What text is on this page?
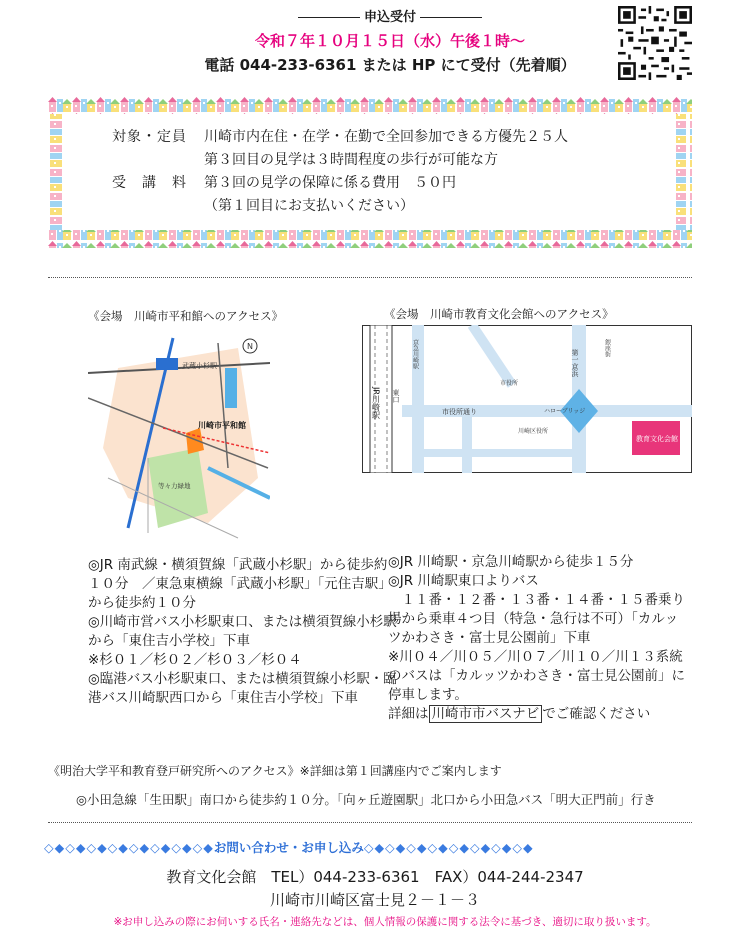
申込受付
令和７年１０月１５日（水）午後１時～
電話 044-233-6361 または HP にて受付（先着順）
対象・定員	川崎市内在住・在学・在勤で全回参加できる方優先２５人
第３回目の見学は３時間程度の歩行が可能な方
受　講　料	第３回の見学の保障に係る費用　５０円
（第１回目にお支払いください）
《会場　川崎市平和館へのアクセス》
武蔵小杉駅
川崎市平和館
等々力緑地
N
◎JR 南武線・横須賀線「武蔵小杉駅」から徒歩約１０分　／東急東横線「武蔵小杉駅」「元住吉駅」から徒歩約１０分
◎川崎市営バス小杉駅東口、または横須賀線小杉駅から「東住吉小学校」下車
※杉０１／杉０２／杉０３／杉０４
◎臨港バス小杉駅東口、または横須賀線小杉駅・臨港バス川崎駅西口から「東住吉小学校」下車
《会場　川崎市教育文化会館へのアクセス》
JR川崎駅
京急川崎駅
東口
市役所通り
第一京浜
ハローブリッジ
教育文化会館
市役所
川崎区役所
銀座街
◎JR 川崎駅・京急川崎駅から徒歩１５分
◎JR 川崎駅東口よりバス
　１１番・１２番・１３番・１４番・１５番乗り場から乗車４つ目（特急・急行は不可）「カルッツかわさき・富士見公園前」下車
※川０４／川０５／川０７／川１０／川１３系統のバスは「カルッツかわさき・富士見公園前」に停車します。
詳細は 川崎市市バスナビ でご確認ください
《明治大学平和教育登戸研究所へのアクセス》※詳細は第１回講座内でご案内します
◎小田急線「生田駅」南口から徒歩約１０分。「向ヶ丘遊園駅」北口から小田急バス「明大正門前」行き
◇◆◇◆◇◆◇◆◇◆◇◆◇◆◇◆お問い合わせ・お申し込み◇◆◇◆◇◆◇◆◇◆◇◆◇◆◇◆
教育文化会館　TEL）044-233-6361　FAX）044-244-2347
川崎市川崎区富士見２－１－３
※お申し込みの際にお伺いする氏名・連絡先などは、個人情報の保護に関する法令に基づき、適切に取り扱います。
